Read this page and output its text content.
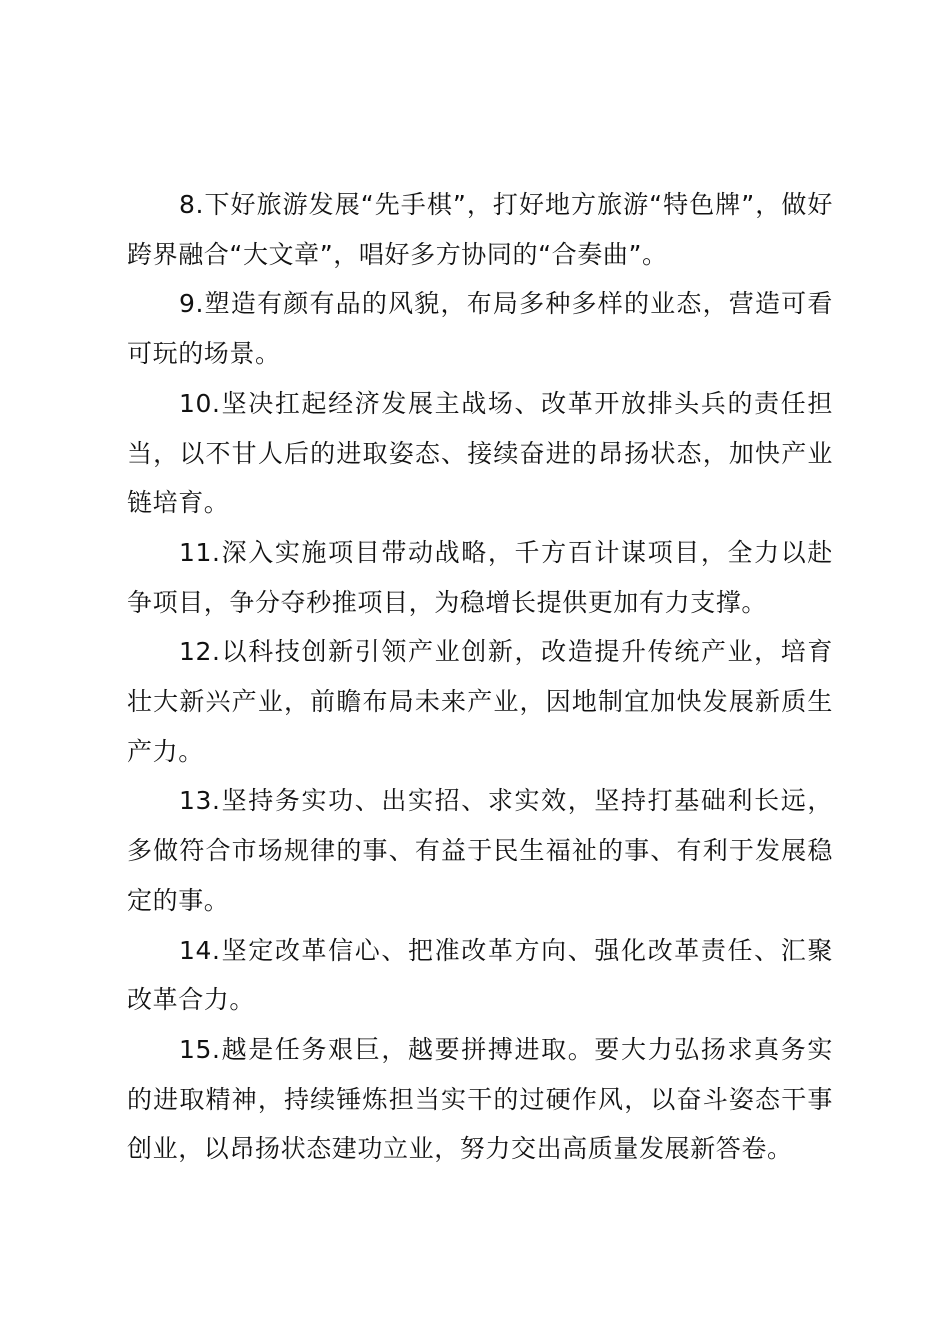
8.下好旅游发展“先手棋”，打好地方旅游“特色牌”，做好跨界融合“大文章”，唱好多方协同的“合奏曲”。

9.塑造有颜有品的风貌，布局多种多样的业态，营造可看可玩的场景。

10.坚决扛起经济发展主战场、改革开放排头兵的责任担当，以不甘人后的进取姿态、接续奋进的昂扬状态，加快产业链培育。

11.深入实施项目带动战略，千方百计谋项目，全力以赴争项目，争分夺秒推项目，为稳增长提供更加有力支撑。

12.以科技创新引领产业创新，改造提升传统产业，培育壮大新兴产业，前瞻布局未来产业，因地制宜加快发展新质生产力。

13.坚持务实功、出实招、求实效，坚持打基础利长远，多做符合市场规律的事、有益于民生福祉的事、有利于发展稳定的事。

14.坚定改革信心、把准改革方向、强化改革责任、汇聚改革合力。

15.越是任务艰巨，越要拼搏进取。要大力弘扬求真务实的进取精神，持续锤炼担当实干的过硬作风，以奋斗姿态干事创业，以昂扬状态建功立业，努力交出高质量发展新答卷。
